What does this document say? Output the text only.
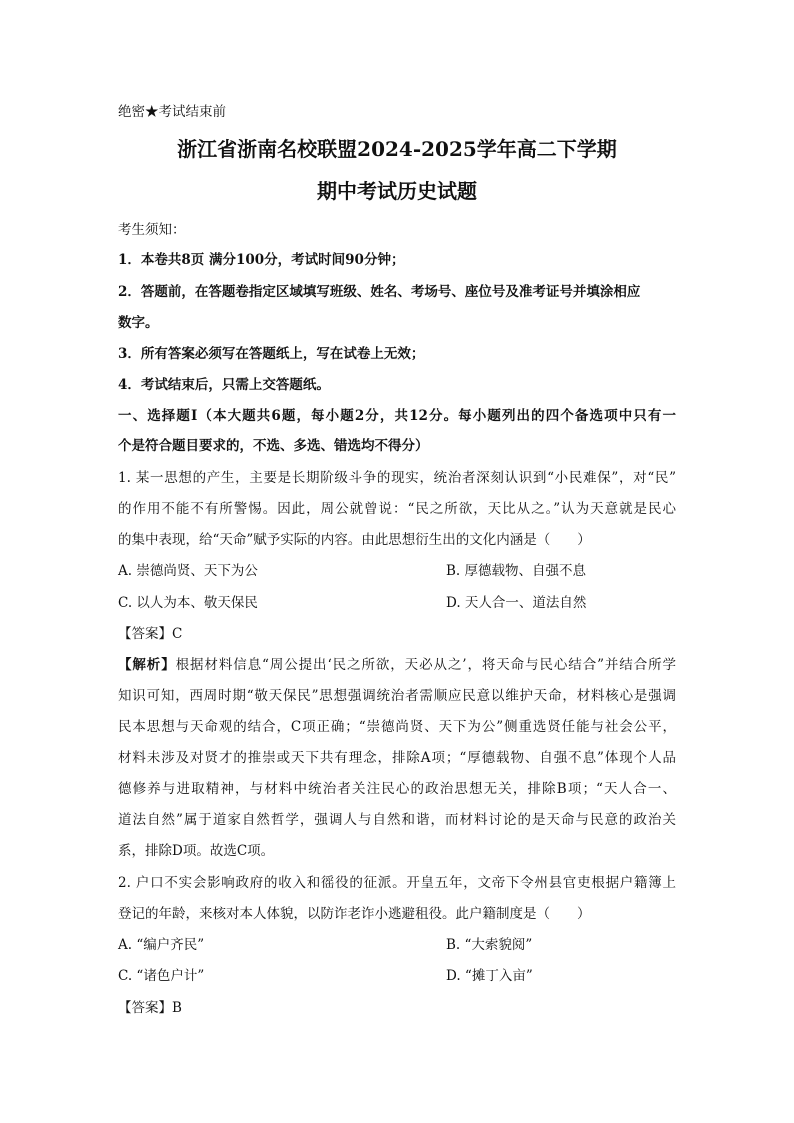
绝密★考试结束前
浙江省浙南名校联盟2024-2025学年高二下学期
期中考试历史试题
考生须知：
1．本卷共8页 满分100分，考试时间90分钟；
2．答题前，在答题卷指定区域填写班级、姓名、考场号、座位号及准考证号并填涂相应
数字。
3．所有答案必须写在答题纸上，写在试卷上无效；
4．考试结束后，只需上交答题纸。
一、选择题Ⅰ（本大题共6题，每小题2分，共12分。每小题列出的四个备选项中只有一
个是符合题目要求的，不选、多选、错选均不得分）
1. 某一思想的产生，主要是长期阶级斗争的现实，统治者深刻认识到“小民难保”，对“民”
的作用不能不有所警惕。因此，周公就曾说：“民之所欲，天比从之。”认为天意就是民心
的集中表现，给“天命”赋予实际的内容。由此思想衍生出的文化内涵是（　　）
A. 崇德尚贤、天下为公	B. 厚德载物、自强不息
C. 以人为本、敬天保民	D. 天人合一、道法自然
【答案】C
【解析】根据材料信息“周公提出‘民之所欲，天必从之’，将天命与民心结合”并结合所学
知识可知，西周时期“敬天保民”思想强调统治者需顺应民意以维护天命，材料核心是强调
民本思想与天命观的结合，C项正确；“崇德尚贤、天下为公”侧重选贤任能与社会公平，
材料未涉及对贤才的推崇或天下共有理念，排除A项；“厚德载物、自强不息”体现个人品
德修养与进取精神，与材料中统治者关注民心的政治思想无关，排除B项；“天人合一、
道法自然”属于道家自然哲学，强调人与自然和谐，而材料讨论的是天命与民意的政治关
系，排除D项。故选C项。
2. 户口不实会影响政府的收入和徭役的征派。开皇五年，文帝下令州县官吏根据户籍簿上
登记的年龄，来核对本人体貌，以防诈老诈小逃避租役。此户籍制度是（　　）
A. “编户齐民”	B. “大索貌阅”
C. “诸色户计”	D. “摊丁入亩”
【答案】B
